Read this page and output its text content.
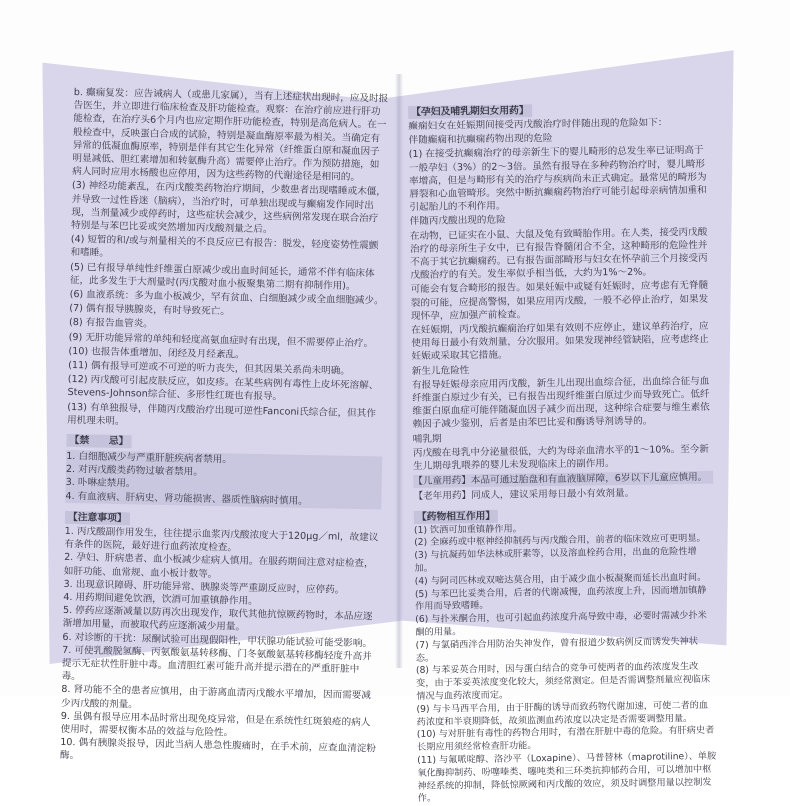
b. 癫痫复发：应告诫病人（或患儿家属），当有上述症状出现时，应及时报告医生，并立即进行临床检查及肝功能检查。观察：在治疗前应进行肝功能检查，在治疗头6个月内也应定期作肝功能检查，特别是高危病人。在一般检查中，反映蛋白合成的试验，特别是凝血酶原率最为相关。当确定有异常的低凝血酶原率，特别是伴有其它生化异常（纤维蛋白原和凝血因子明显减低、胆红素增加和转氨酶升高）需要停止治疗。作为预防措施，如病人同时应用水杨酸也应停用，因为这些药物的代谢途径是相同的。
(3) 神经功能紊乱，在丙戊酸类药物治疗期间，少数患者出现嗜睡或木僵，并导致一过性昏迷（脑病），当治疗时，可单独出现或与癫痫发作同时出现，当剂量减少或停药时，这些症状会减少，这些病例常发现在联合治疗特别是与苯巴比妥或突然增加丙戊酸剂量之后。
(4) 短暂的和/或与剂量相关的不良反应已有报告：脱发，轻度姿势性震颤和嗜睡。
(5) 已有报导单纯性纤维蛋白原减少或出血时间延长，通常不伴有临床体征，此多发生于大剂量时(丙戊酸对血小板聚集第二期有抑制作用)。
(6) 血液系统：多为血小板减少，罕有贫血、白细胞减少或全血细胞减少。
(7) 偶有报导胰腺炎，有时导致死亡。
(8) 有报告血管炎。
(9) 无肝功能异常的单纯和轻度高氨血症时有出现，但不需要停止治疗。
(10) 也报告体重增加、闭经及月经紊乱。
(11) 偶有报导可逆或不可逆的听力丧失，但其因果关系尚未明确。
(12) 丙戊酸可引起皮肤反应，如皮疹。在某些病例有毒性上皮坏死溶解、Stevens-Johnson综合征、多形性红斑也有报导。
(13) 有单独报导，伴随丙戊酸治疗出现可逆性Fanconi氏综合征，但其作用机理未明。
【禁　　忌】
1. 白细胞减少与严重肝脏疾病者禁用。
2. 对丙戊酸类药物过敏者禁用。
3. 卟啉症禁用。
4. 有血液病、肝病史、肾功能损害、器质性脑病时慎用。
【注意事项】
1. 丙戊酸副作用发生，往往提示血浆丙戊酸浓度大于120μg／ml，故建议有条件的医院，最好进行血药浓度检查。
2. 孕妇、肝病患者、血小板减少症病人慎用。在服药期间注意对症检查，如肝功能、血常规、血小板计数等。
3. 出现意识障碍、肝功能异常、胰腺炎等严重副反应时，应停药。
4. 用药期间避免饮酒，饮酒可加重镇静作用。
5. 停药应逐渐减量以防再次出现发作，取代其他抗惊厥药物时，本品应逐渐增加用量，而被取代药应逐渐减少用量。
6. 对诊断的干扰：尿酮试验可出现假阳性，甲状腺功能试验可能受影响。
7. 可使乳酸脱氢酶、丙氨酸氨基转移酶、门冬氨酸氨基转移酶轻度升高并提示无症状性肝脏中毒。血清胆红素可能升高并提示潜在的严重肝脏中毒。
8. 肾功能不全的患者应慎用，由于游离血清丙戊酸水平增加，因而需要减少丙戊酸的剂量。
9. 虽偶有报导应用本品时常出现免疫异常，但是在系统性红斑狼疮的病人使用时，需要权衡本品的效益与危险性。
10. 偶有胰腺炎报导，因此当病人患急性腹痛时，在手术前，应查血清淀粉酶。
【孕妇及哺乳期妇女用药】
癫痫妇女在妊娠期间接受丙戊酸治疗时伴随出现的危险如下：
伴随癫痫和抗癫痫药物出现的危险
(1) 在接受抗癫痫治疗的母亲新生下的婴儿畸形的总发生率已证明高于一般孕妇（3%）的2～3倍。虽然有报导在多种药物治疗时，婴儿畸形率增高，但是与畸形有关的治疗与疾病尚未正式确定。最常见的畸形为唇裂和心血管畸形。突然中断抗癫痫药物治疗可能引起母亲病情加重和引起胎儿的不利作用。
伴随丙戊酸出现的危险
在动物，已证实在小鼠、大鼠及兔有致畸胎作用。在人类，接受丙戊酸治疗的母亲所生子女中，已有报告脊髓闭合不全，这种畸形的危险性并不高于其它抗癫痫药。已有报告面部畸形与妇女在怀孕前三个月接受丙戊酸治疗的有关。发生率似乎相当低，大约为1%～2%。
可能会有复合畸形的报告。如果妊娠中或疑有妊娠时，应考虑有无脊髓裂的可能，应提高警惕，如果应用丙戊酸，一般不必停止治疗，如果发现怀孕，应加强产前检查。
在妊娠期，丙戊酸抗癫痫治疗如果有效则不应停止，建议单药治疗，应使用每日最小有效剂量，分次服用。如果发现神经管缺陷，应考虑终止妊娠或采取其它措施。
新生儿危险性
有报导妊娠母亲应用丙戊酸，新生儿出现出血综合征，出血综合征与血纤维蛋白原过少有关，已有报告出现纤维蛋白原过少而导致死亡。低纤维蛋白原血症可能伴随凝血因子减少而出现，这种综合症要与维生素依赖因子减少鉴别，后者是由苯巴比妥和酶诱导剂诱导的。
哺乳期
丙戊酸在母乳中分泌量很低，大约为母亲血清水平的1～10%。至今新生儿期母乳喂养的婴儿未发现临床上的副作用。
【儿童用药】本品可通过胎盘和有血液脑屏障，6岁以下儿童应慎用。
【老年用药】同成人，建议采用每日最小有效剂量。
【药物相互作用】
(1) 饮酒可加重镇静作用。
(2) 全麻药或中枢神经抑制药与丙戊酸合用，前者的临床效应可更明显。
(3) 与抗凝药如华法林或肝素等，以及溶血栓药合用，出血的危险性增加。
(4) 与阿司匹林或双嘧达莫合用，由于减少血小板凝聚而延长出血时间。
(5) 与苯巴比妥类合用，后者的代谢减慢，血药浓度上升，因而增加镇静作用而导致嗜睡。
(6) 与扑米酮合用，也可引起血药浓度升高导致中毒，必要时需减少扑米酮的用量。
(7) 与氯硝西泮合用防治失神发作，曾有报道少数病例反而诱发失神状态。
(8) 与苯妥英合用时，因与蛋白结合的竞争可使两者的血药浓度发生改变，由于苯妥英浓度变化较大，须经常测定。但是否需调整剂量应视临床情况与血药浓度而定。
(9) 与卡马西平合用，由于肝酶的诱导而致药物代谢加速，可使二者的血药浓度和半衰期降低，故须监测血药浓度以决定是否需要调整用量。
(10) 与对肝脏有毒性的药物合用时，有潜在肝脏中毒的危险。有肝病史者长期应用须经常检查肝功能。
(11) 与氟哌啶醇、洛沙平（Loxapine）、马普替林（maprotiline）、单胺氧化酶抑制药、吩噻嗪类、噻吨类和三环类抗抑郁药合用，可以增加中枢神经系统的抑制，降低惊厥阈和丙戊酸的效应，须及时调整用量以控制发作。
